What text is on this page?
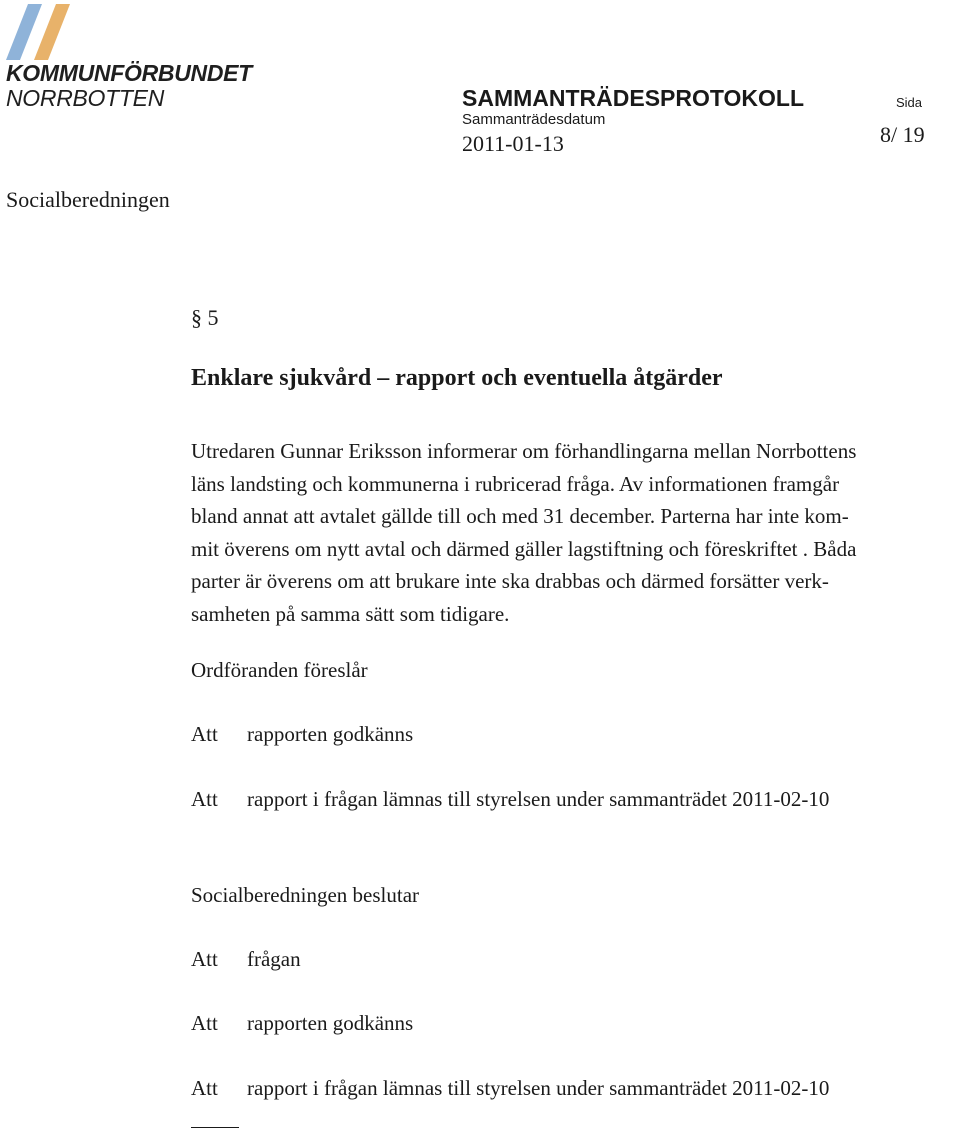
KOMMUNFÖRBUNDET
NORRBOTTEN	SAMMANTRÄDESPROTOKOLL
Sammanträdesdatum
2011-01-13
Sida
8/ 19
Socialberedningen
§ 5
Enklare sjukvård – rapport och eventuella åtgärder
Utredaren Gunnar Eriksson informerar om förhandlingarna mellan Norrbottens
läns landsting och kommunerna i rubricerad fråga. Av informationen framgår
bland annat att avtalet gällde till och med 31 december. Parterna har inte kom-
mit överens om nytt avtal och därmed gäller lagstiftning och föreskriftet . Båda
parter är överens om att brukare inte ska drabbas och därmed forsätter verk-
samheten på samma sätt som tidigare.
Ordföranden föreslår
Att rapporten godkänns
Att rapport i frågan lämnas till styrelsen under sammanträdet 2011-02-10
Socialberedningen beslutar
Att frågan
Att rapporten godkänns
Att rapport i frågan lämnas till styrelsen under sammanträdet 2011-02-10
